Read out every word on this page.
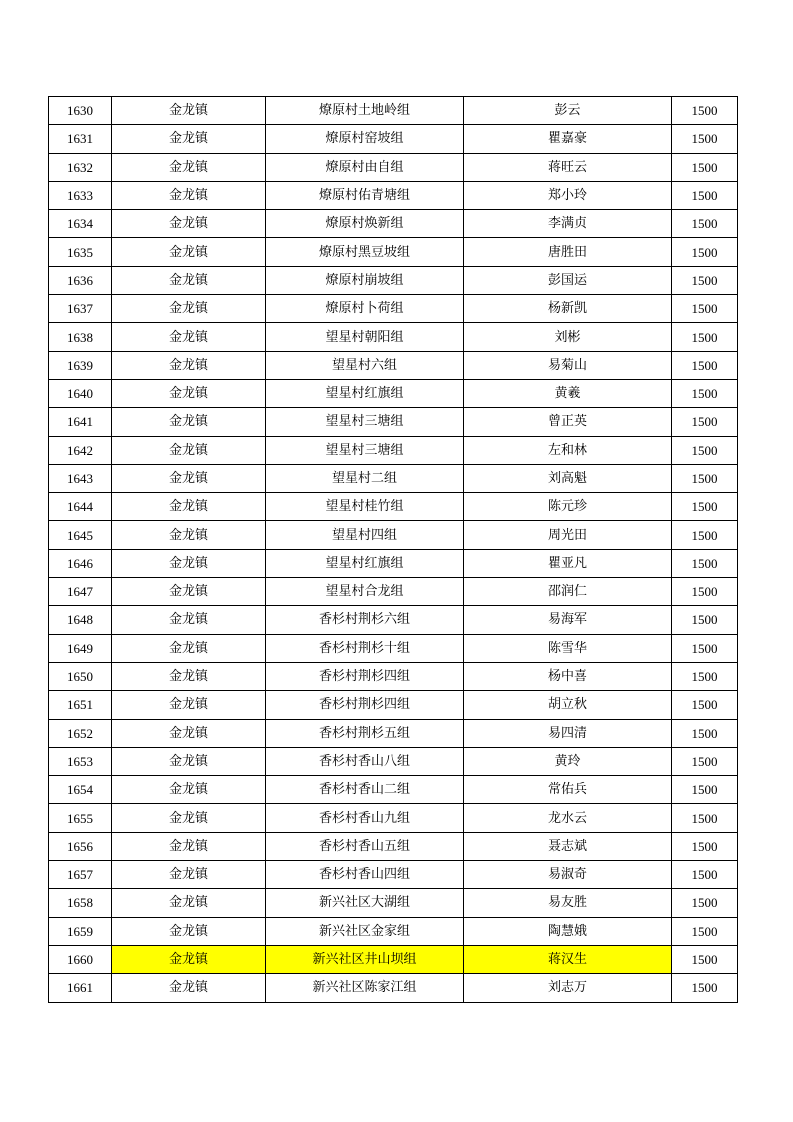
1630	金龙镇	燎原村土地岭组	彭云	1500
1631	金龙镇	燎原村窑坡组	瞿嘉豪	1500
1632	金龙镇	燎原村由自组	蒋旺云	1500
1633	金龙镇	燎原村佑青塘组	郑小玲	1500
1634	金龙镇	燎原村焕新组	李满贞	1500
1635	金龙镇	燎原村黑豆坡组	唐胜田	1500
1636	金龙镇	燎原村崩坡组	彭国运	1500
1637	金龙镇	燎原村卜荷组	杨新凯	1500
1638	金龙镇	望星村朝阳组	刘彬	1500
1639	金龙镇	望星村六组	易菊山	1500
1640	金龙镇	望星村红旗组	黄羲	1500
1641	金龙镇	望星村三塘组	曾正英	1500
1642	金龙镇	望星村三塘组	左和林	1500
1643	金龙镇	望星村二组	刘高魁	1500
1644	金龙镇	望星村桂竹组	陈元珍	1500
1645	金龙镇	望星村四组	周光田	1500
1646	金龙镇	望星村红旗组	瞿亚凡	1500
1647	金龙镇	望星村合龙组	邵润仁	1500
1648	金龙镇	香杉村荆杉六组	易海军	1500
1649	金龙镇	香杉村荆杉十组	陈雪华	1500
1650	金龙镇	香杉村荆杉四组	杨中喜	1500
1651	金龙镇	香杉村荆杉四组	胡立秋	1500
1652	金龙镇	香杉村荆杉五组	易四清	1500
1653	金龙镇	香杉村香山八组	黄玲	1500
1654	金龙镇	香杉村香山二组	常佑兵	1500
1655	金龙镇	香杉村香山九组	龙水云	1500
1656	金龙镇	香杉村香山五组	聂志斌	1500
1657	金龙镇	香杉村香山四组	易淑奇	1500
1658	金龙镇	新兴社区大湖组	易友胜	1500
1659	金龙镇	新兴社区金家组	陶慧娥	1500
1660	金龙镇	新兴社区井山坝组	蒋汉生	1500
1661	金龙镇	新兴社区陈家江组	刘志万	1500
